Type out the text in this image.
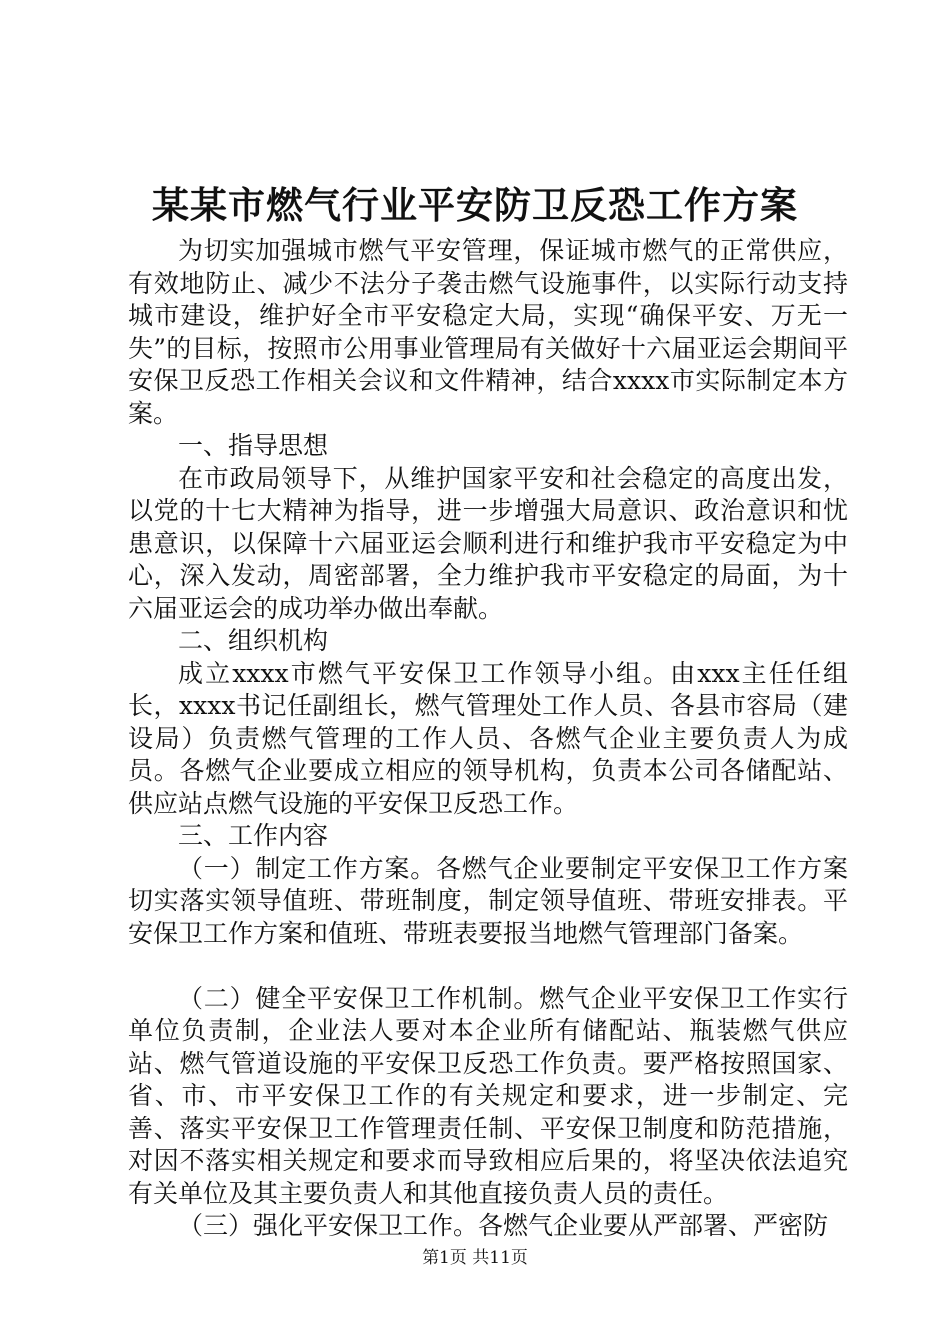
某某市燃气行业平安防卫反恐工作方案

为切实加强城市燃气平安管理，保证城市燃气的正常供应，有效地防止、减少不法分子袭击燃气设施事件，以实际行动支持城市建设，维护好全市平安稳定大局，实现“确保平安、万无一失”的目标，按照市公用事业管理局有关做好十六届亚运会期间平安保卫反恐工作相关会议和文件精神，结合xxxx市实际制定本方案。

一、指导思想

在市政局领导下，从维护国家平安和社会稳定的高度出发，以党的十七大精神为指导，进一步增强大局意识、政治意识和忧患意识，以保障十六届亚运会顺利进行和维护我市平安稳定为中心，深入发动，周密部署，全力维护我市平安稳定的局面，为十六届亚运会的成功举办做出奉献。

二、组织机构

成立xxxx市燃气平安保卫工作领导小组。由xxx主任任组长，xxxx书记任副组长，燃气管理处工作人员、各县市容局（建设局）负责燃气管理的工作人员、各燃气企业主要负责人为成员。各燃气企业要成立相应的领导机构，负责本公司各储配站、供应站点燃气设施的平安保卫反恐工作。

三、工作内容

（一）制定工作方案。各燃气企业要制定平安保卫工作方案切实落实领导值班、带班制度，制定领导值班、带班安排表。平安保卫工作方案和值班、带班表要报当地燃气管理部门备案。

（二）健全平安保卫工作机制。燃气企业平安保卫工作实行单位负责制，企业法人要对本企业所有储配站、瓶装燃气供应站、燃气管道设施的平安保卫反恐工作负责。要严格按照国家、省、市、市平安保卫工作的有关规定和要求，进一步制定、完善、落实平安保卫工作管理责任制、平安保卫制度和防范措施，对因不落实相关规定和要求而导致相应后果的，将坚决依法追究有关单位及其主要负责人和其他直接负责人员的责任。

（三）强化平安保卫工作。各燃气企业要从严部署、严密防

第1页 共11页
